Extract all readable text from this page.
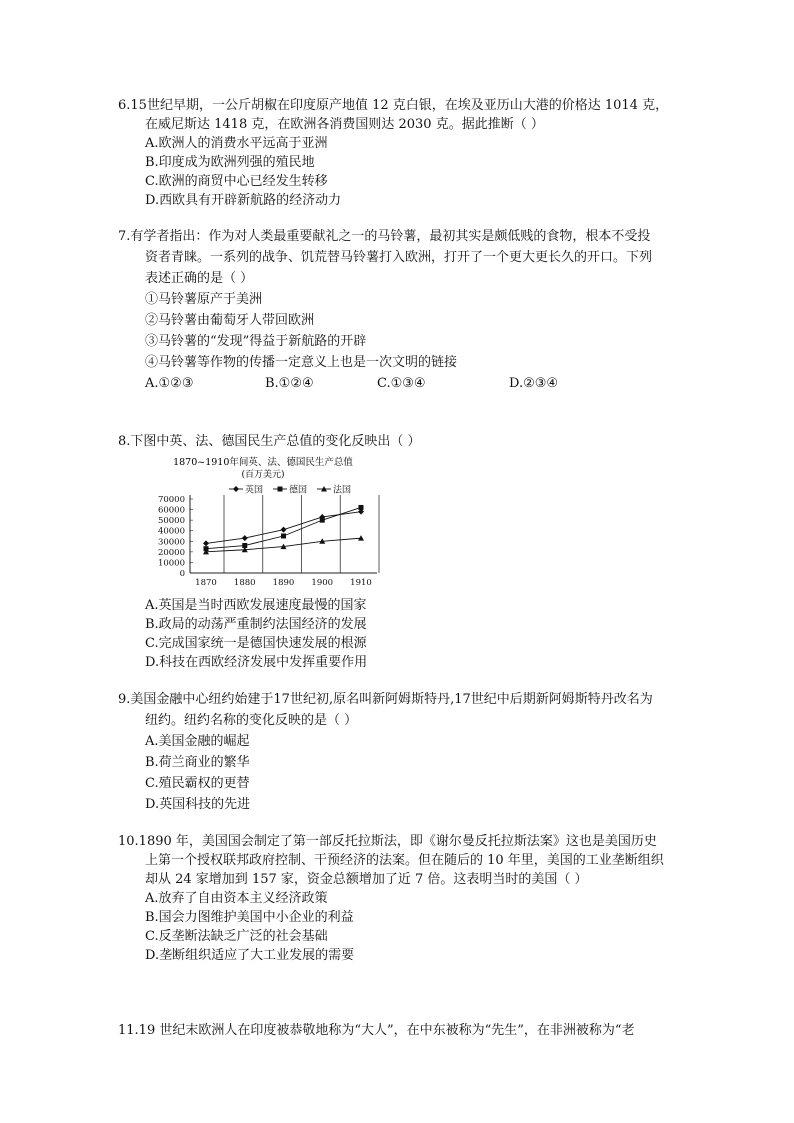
6.15世纪早期，一公斤胡椒在印度原产地值 12 克白银，在埃及亚历山大港的价格达 1014 克，
在威尼斯达 1418 克，在欧洲各消费国则达 2030 克。据此推断（ ）
A.欧洲人的消费水平远高于亚洲
B.印度成为欧洲列强的殖民地
C.欧洲的商贸中心已经发生转移
D.西欧具有开辟新航路的经济动力
7.有学者指出：作为对人类最重要献礼之一的马铃薯，最初其实是颇低贱的食物，根本不受投
资者青睐。一系列的战争、饥荒替马铃薯打入欧洲，打开了一个更大更长久的开口。下列
表述正确的是（ ）
①马铃薯原产于美洲
②马铃薯由葡萄牙人带回欧洲
③马铃薯的“发现”得益于新航路的开辟
④马铃薯等作物的传播一定意义上也是一次文明的链接
A.①②③	B.①②④	C.①③④	D.②③④
8.下图中英、法、德国民生产总值的变化反映出（ ）
1870~1910年间英、法、德国民生产总值
(百万美元)
英国	德国	法国
0
10000
20000
30000
40000
50000
60000
70000
1870 1880 1890 1900 1910
A.英国是当时西欧发展速度最慢的国家
B.政局的动荡严重制约法国经济的发展
C.完成国家统一是德国快速发展的根源
D.科技在西欧经济发展中发挥重要作用
9.美国金融中心纽约始建于17世纪初,原名叫新阿姆斯特丹,17世纪中后期新阿姆斯特丹改名为
纽约。纽约名称的变化反映的是（ ）
A.美国金融的崛起
B.荷兰商业的繁华
C.殖民霸权的更替
D.英国科技的先进
10.1890 年，美国国会制定了第一部反托拉斯法，即《谢尔曼反托拉斯法案》这也是美国历史
上第一个授权联邦政府控制、干预经济的法案。但在随后的 10 年里，美国的工业垄断组织
却从 24 家增加到 157 家，资金总额增加了近 7 倍。这表明当时的美国（ ）
A.放弃了自由资本主义经济政策
B.国会力图维护美国中小企业的利益
C.反垄断法缺乏广泛的社会基础
D.垄断组织适应了大工业发展的需要
11.19 世纪末欧洲人在印度被恭敬地称为“大人”，在中东被称为“先生”，在非洲被称为“老
